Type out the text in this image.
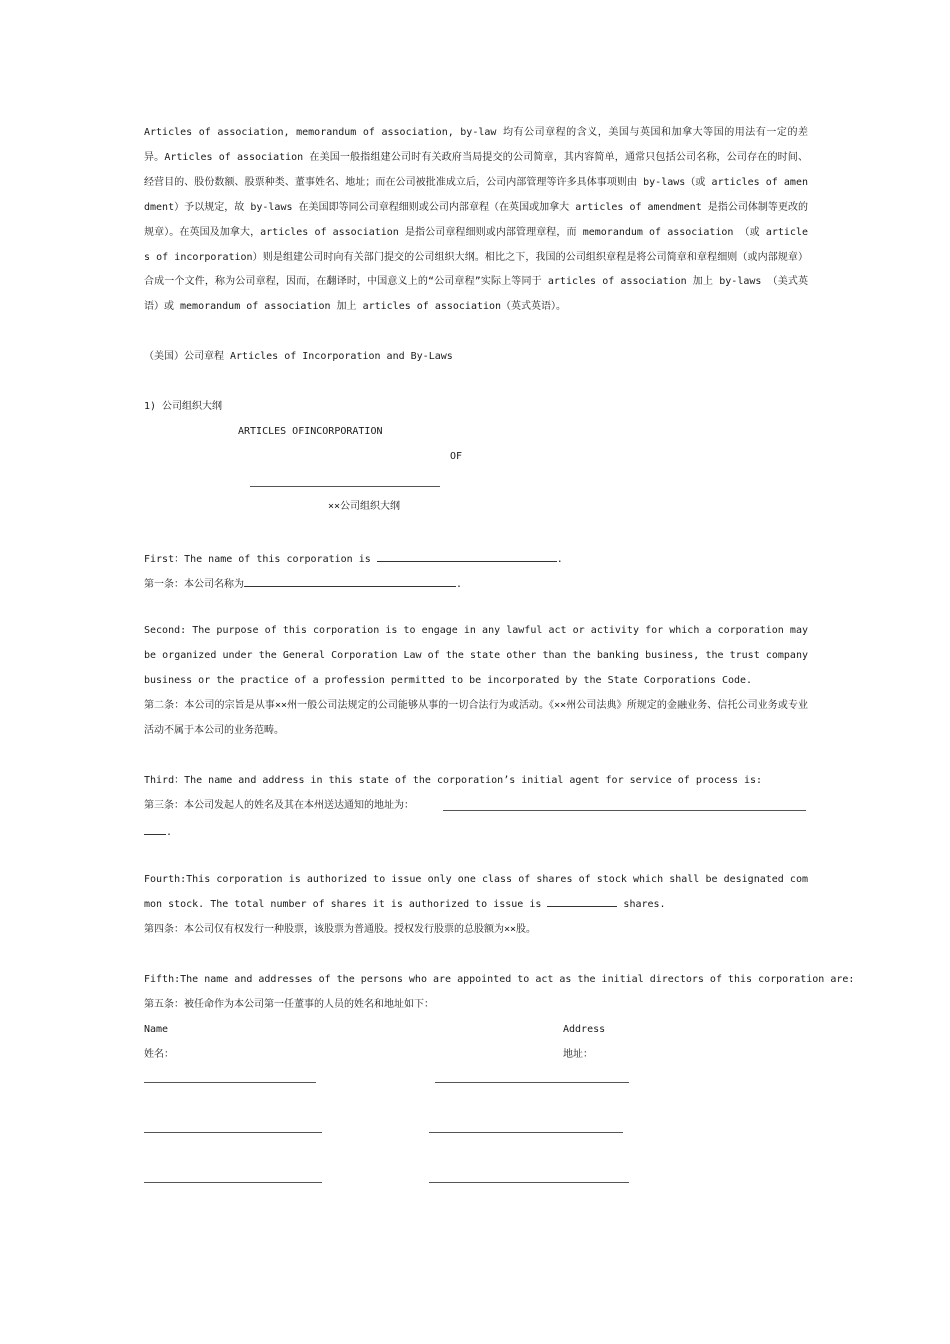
Articles of association, memorandum of association, by-law 均有公司章程的含义，美国与英国和加拿大等国的用法有一定的差异。Articles of association 在美国一般指组建公司时有关政府当局提交的公司简章，其内容简单，通常只包括公司名称，公司存在的时间、经营目的、股份数额、股票种类、董事姓名、地址；而在公司被批准成立后，公司内部管理等许多具体事项则由 by-laws（或 articles of amendment）予以规定，故 by-laws 在美国即等同公司章程细则或公司内部章程（在英国或加拿大 articles of amendment 是指公司体制等更改的规章）。在英国及加拿大，articles of association 是指公司章程细则或内部管理章程，而 memorandum of association （或 articles of incorporation）则是组建公司时向有关部门提交的公司组织大纲。相比之下，我国的公司组织章程是将公司简章和章程细则（或内部规章）合成一个文件，称为公司章程，因而，在翻译时，中国意义上的“公司章程”实际上等同于 articles of association 加上 by-laws （美式英语）或 memorandum of association 加上 articles of association（英式英语）。
（美国）公司章程 Articles of Incorporation and By-Laws
1) 公司组织大纲
ARTICLES OFINCORPORATION
OF
××公司组织大纲
First：The name of this corporation is	.
第一条：本公司名称为	.
Second: The purpose of this corporation is to engage in any lawful act or activity for which a corporation may be organized under the General Corporation Law of the state other than the banking business, the trust company business or the practice of a profession permitted to be incorporated by the State Corporations Code.
第二条：本公司的宗旨是从事××州一般公司法规定的公司能够从事的一切合法行为或活动。《××州公司法典》所规定的金融业务、信托公司业务或专业活动不属于本公司的业务范畴。
Third：The name and address in this state of the corporation’s initial agent for service of process is:
第三条：本公司发起人的姓名及其在本州送达通知的地址为：
.
Fourth:This corporation is authorized to issue only one class of shares of stock which shall be designated common stock. The total number of shares it is authorized to issue is	shares.
第四条：本公司仅有权发行一种股票，该股票为普通股。授权发行股票的总股额为××股。
Fifth:The name and addresses of the persons who are appointed to act as the initial directors of this corporation are:
第五条：被任命作为本公司第一任董事的人员的姓名和地址如下：
Name	Address
姓名：	地址：
